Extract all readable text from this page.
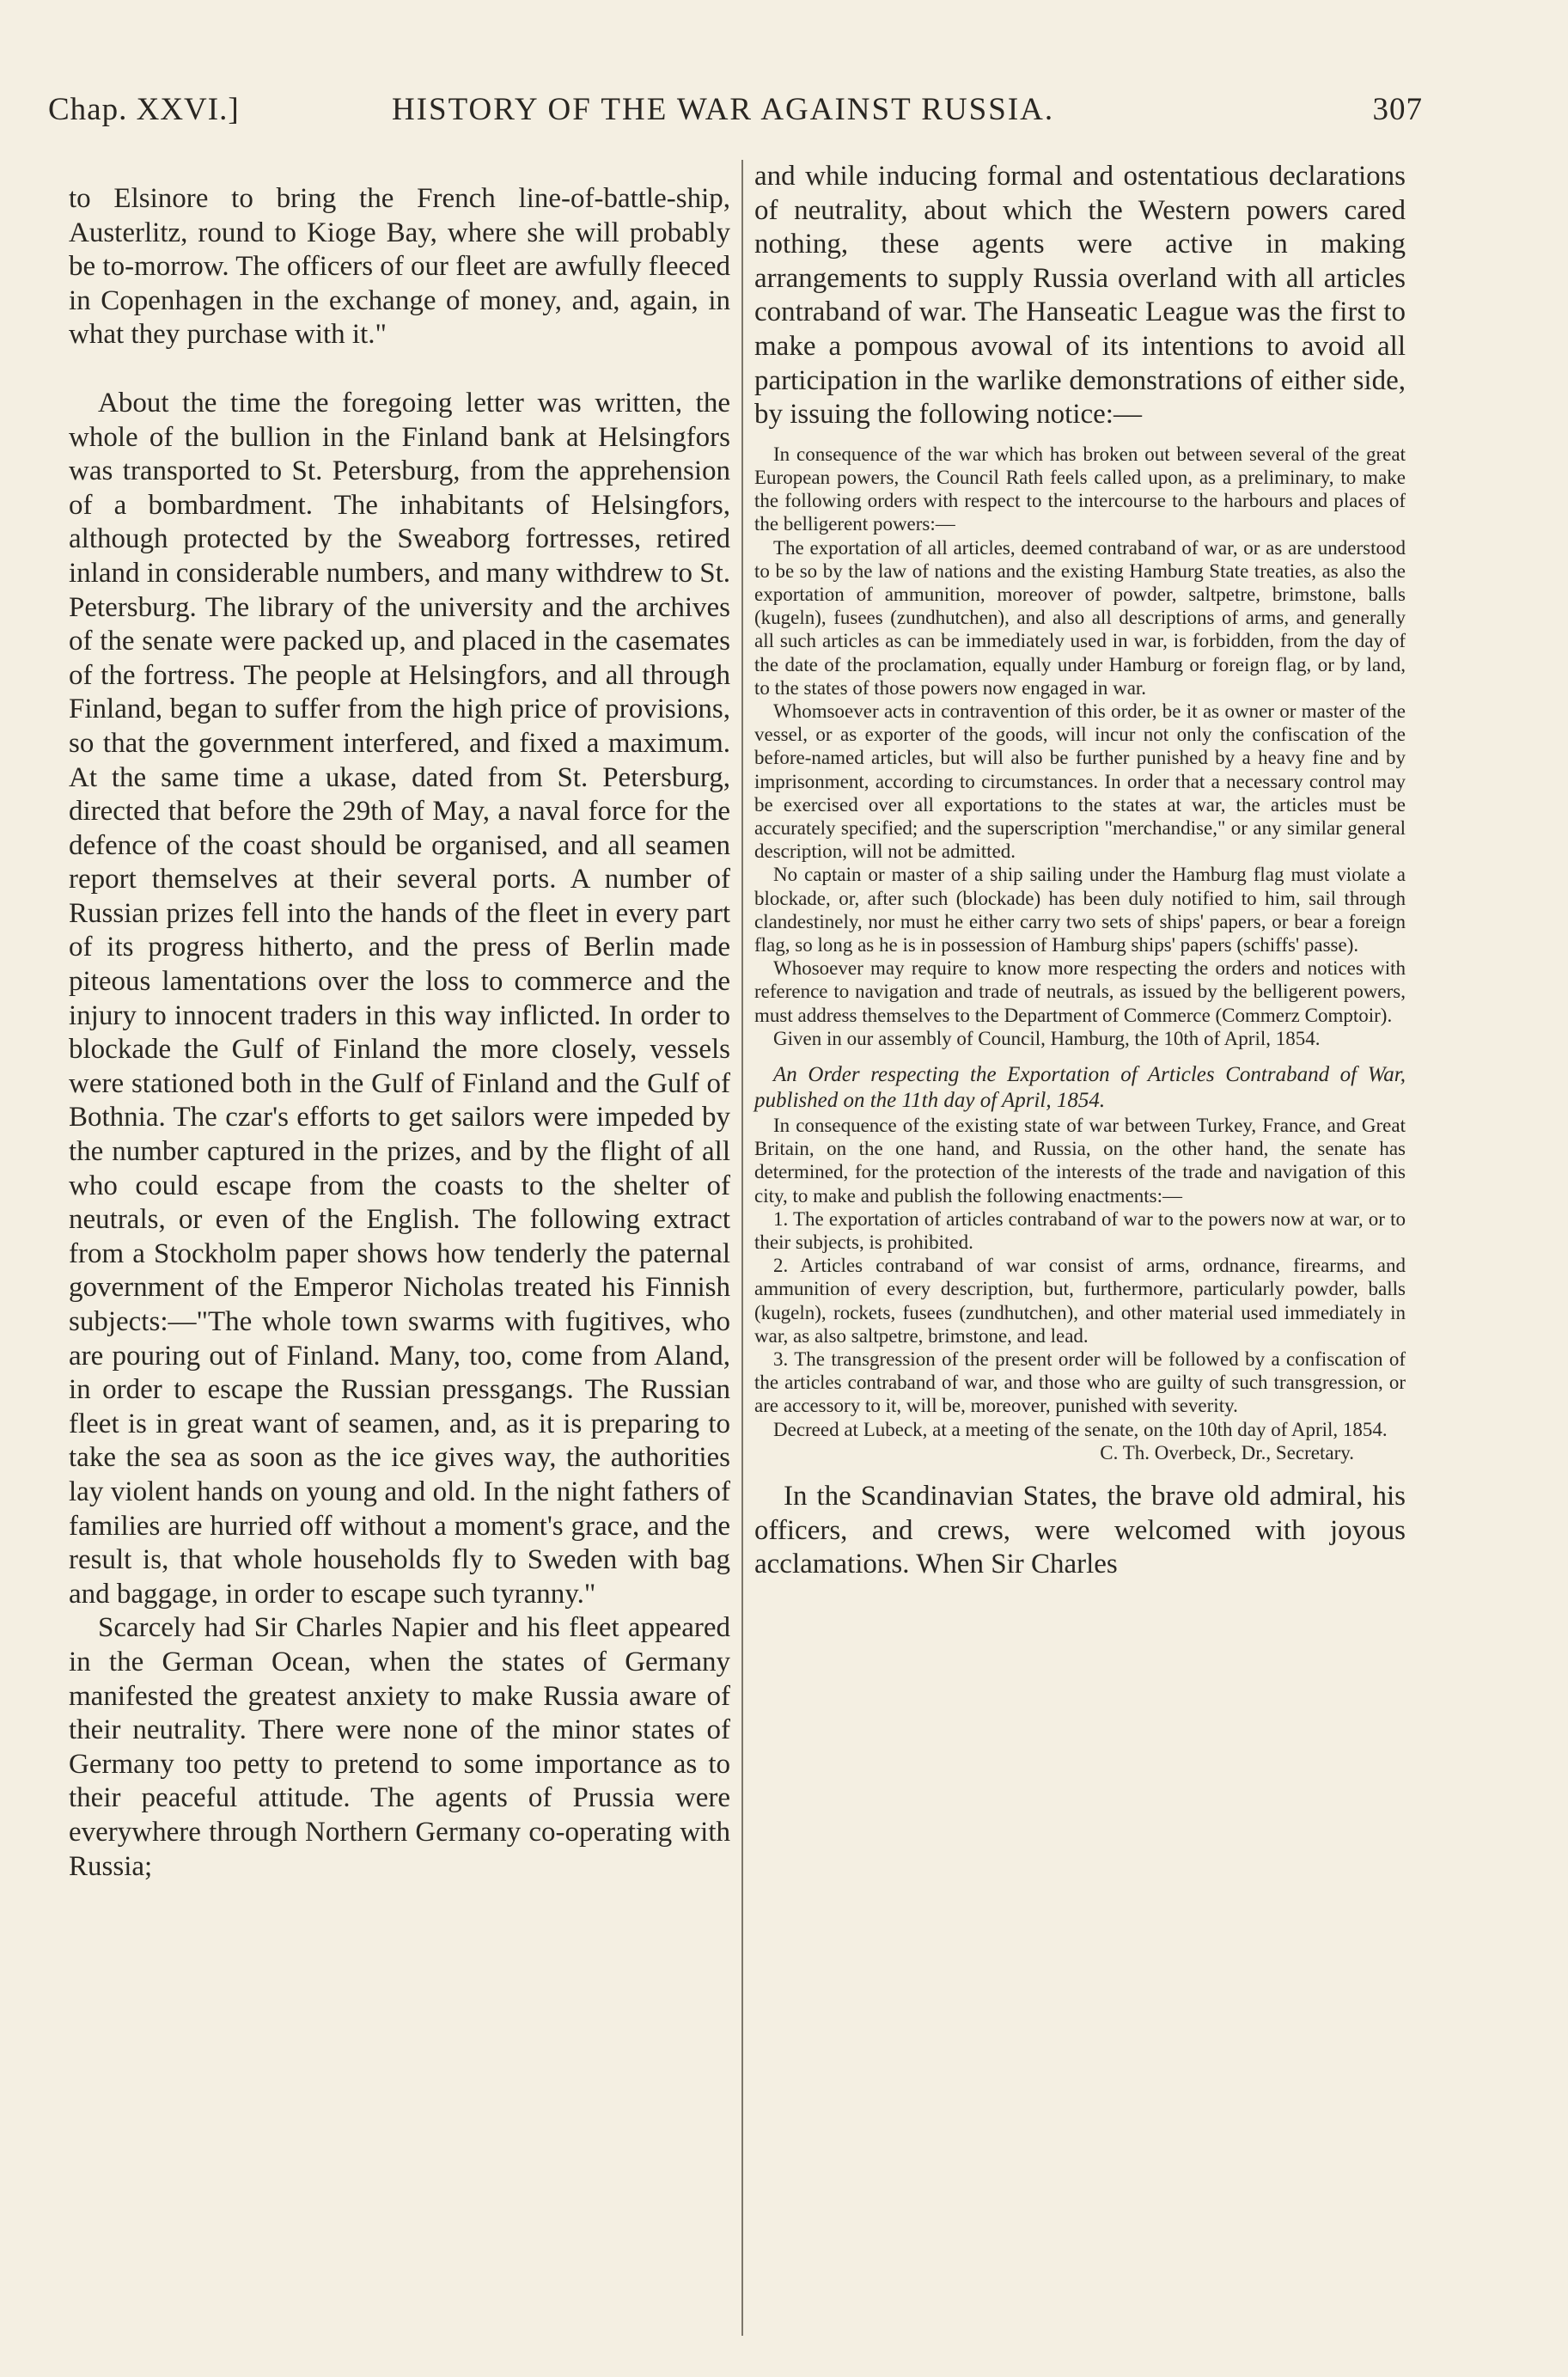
Chap. XXVI.]	HISTORY OF THE WAR AGAINST RUSSIA.	307

to Elsinore to bring the French line-of-battle-ship, Austerlitz, round to Kioge Bay, where she will probably be to-morrow. The officers of our fleet are awfully fleeced in Copenhagen in the exchange of money, and, again, in what they purchase with it."

About the time the foregoing letter was written, the whole of the bullion in the Finland bank at Helsingfors was transported to St. Petersburg, from the apprehension of a bombardment. The inhabitants of Helsingfors, although protected by the Sweaborg fortresses, retired inland in considerable numbers, and many withdrew to St. Petersburg. The library of the university and the archives of the senate were packed up, and placed in the casemates of the fortress. The people at Helsingfors, and all through Finland, began to suffer from the high price of provisions, so that the government interfered, and fixed a maximum. At the same time a ukase, dated from St. Petersburg, directed that before the 29th of May, a naval force for the defence of the coast should be organised, and all seamen report themselves at their several ports. A number of Russian prizes fell into the hands of the fleet in every part of its progress hitherto, and the press of Berlin made piteous lamentations over the loss to commerce and the injury to innocent traders in this way inflicted. In order to blockade the Gulf of Finland the more closely, vessels were stationed both in the Gulf of Finland and the Gulf of Bothnia. The czar's efforts to get sailors were impeded by the number captured in the prizes, and by the flight of all who could escape from the coasts to the shelter of neutrals, or even of the English. The following extract from a Stockholm paper shows how tenderly the paternal government of the Emperor Nicholas treated his Finnish subjects:—"The whole town swarms with fugitives, who are pouring out of Finland. Many, too, come from Aland, in order to escape the Russian pressgangs. The Russian fleet is in great want of seamen, and, as it is preparing to take the sea as soon as the ice gives way, the authorities lay violent hands on young and old. In the night fathers of families are hurried off without a moment's grace, and the result is, that whole households fly to Sweden with bag and baggage, in order to escape such tyranny."

Scarcely had Sir Charles Napier and his fleet appeared in the German Ocean, when the states of Germany manifested the greatest anxiety to make Russia aware of their neutrality. There were none of the minor states of Germany too petty to pretend to some importance as to their peaceful attitude. The agents of Prussia were everywhere through Northern Germany co-operating with Russia;

and while inducing formal and ostentatious declarations of neutrality, about which the Western powers cared nothing, these agents were active in making arrangements to supply Russia overland with all articles contraband of war. The Hanseatic League was the first to make a pompous avowal of its intentions to avoid all participation in the warlike demonstrations of either side, by issuing the following notice:—

In consequence of the war which has broken out between several of the great European powers, the Council Rath feels called upon, as a preliminary, to make the following orders with respect to the intercourse to the harbours and places of the belligerent powers:—

The exportation of all articles, deemed contraband of war, or as are understood to be so by the law of nations and the existing Hamburg State treaties, as also the exportation of ammunition, moreover of powder, saltpetre, brimstone, balls (kugeln), fusees (zundhutchen), and also all descriptions of arms, and generally all such articles as can be immediately used in war, is forbidden, from the day of the date of the proclamation, equally under Hamburg or foreign flag, or by land, to the states of those powers now engaged in war.

Whomsoever acts in contravention of this order, be it as owner or master of the vessel, or as exporter of the goods, will incur not only the confiscation of the before-named articles, but will also be further punished by a heavy fine and by imprisonment, according to circumstances. In order that a necessary control may be exercised over all exportations to the states at war, the articles must be accurately specified; and the superscription "merchandise," or any similar general description, will not be admitted.

No captain or master of a ship sailing under the Hamburg flag must violate a blockade, or, after such (blockade) has been duly notified to him, sail through clandestinely, nor must he either carry two sets of ships' papers, or bear a foreign flag, so long as he is in possession of Hamburg ships' papers (schiffs' passe).

Whosoever may require to know more respecting the orders and notices with reference to navigation and trade of neutrals, as issued by the belligerent powers, must address themselves to the Department of Commerce (Commerz Comptoir).

Given in our assembly of Council, Hamburg, the 10th of April, 1854.

An Order respecting the Exportation of Articles Contraband of War, published on the 11th day of April, 1854.

In consequence of the existing state of war between Turkey, France, and Great Britain, on the one hand, and Russia, on the other hand, the senate has determined, for the protection of the interests of the trade and navigation of this city, to make and publish the following enactments:—

1. The exportation of articles contraband of war to the powers now at war, or to their subjects, is prohibited.

2. Articles contraband of war consist of arms, ordnance, firearms, and ammunition of every description, but, furthermore, particularly powder, balls (kugeln), rockets, fusees (zundhutchen), and other material used immediately in war, as also saltpetre, brimstone, and lead.

3. The transgression of the present order will be followed by a confiscation of the articles contraband of war, and those who are guilty of such transgression, or are accessory to it, will be, moreover, punished with severity.

Decreed at Lubeck, at a meeting of the senate, on the 10th day of April, 1854.

C. Th. Overbeck, Dr., Secretary.

In the Scandinavian States, the brave old admiral, his officers, and crews, were welcomed with joyous acclamations. When Sir Charles
